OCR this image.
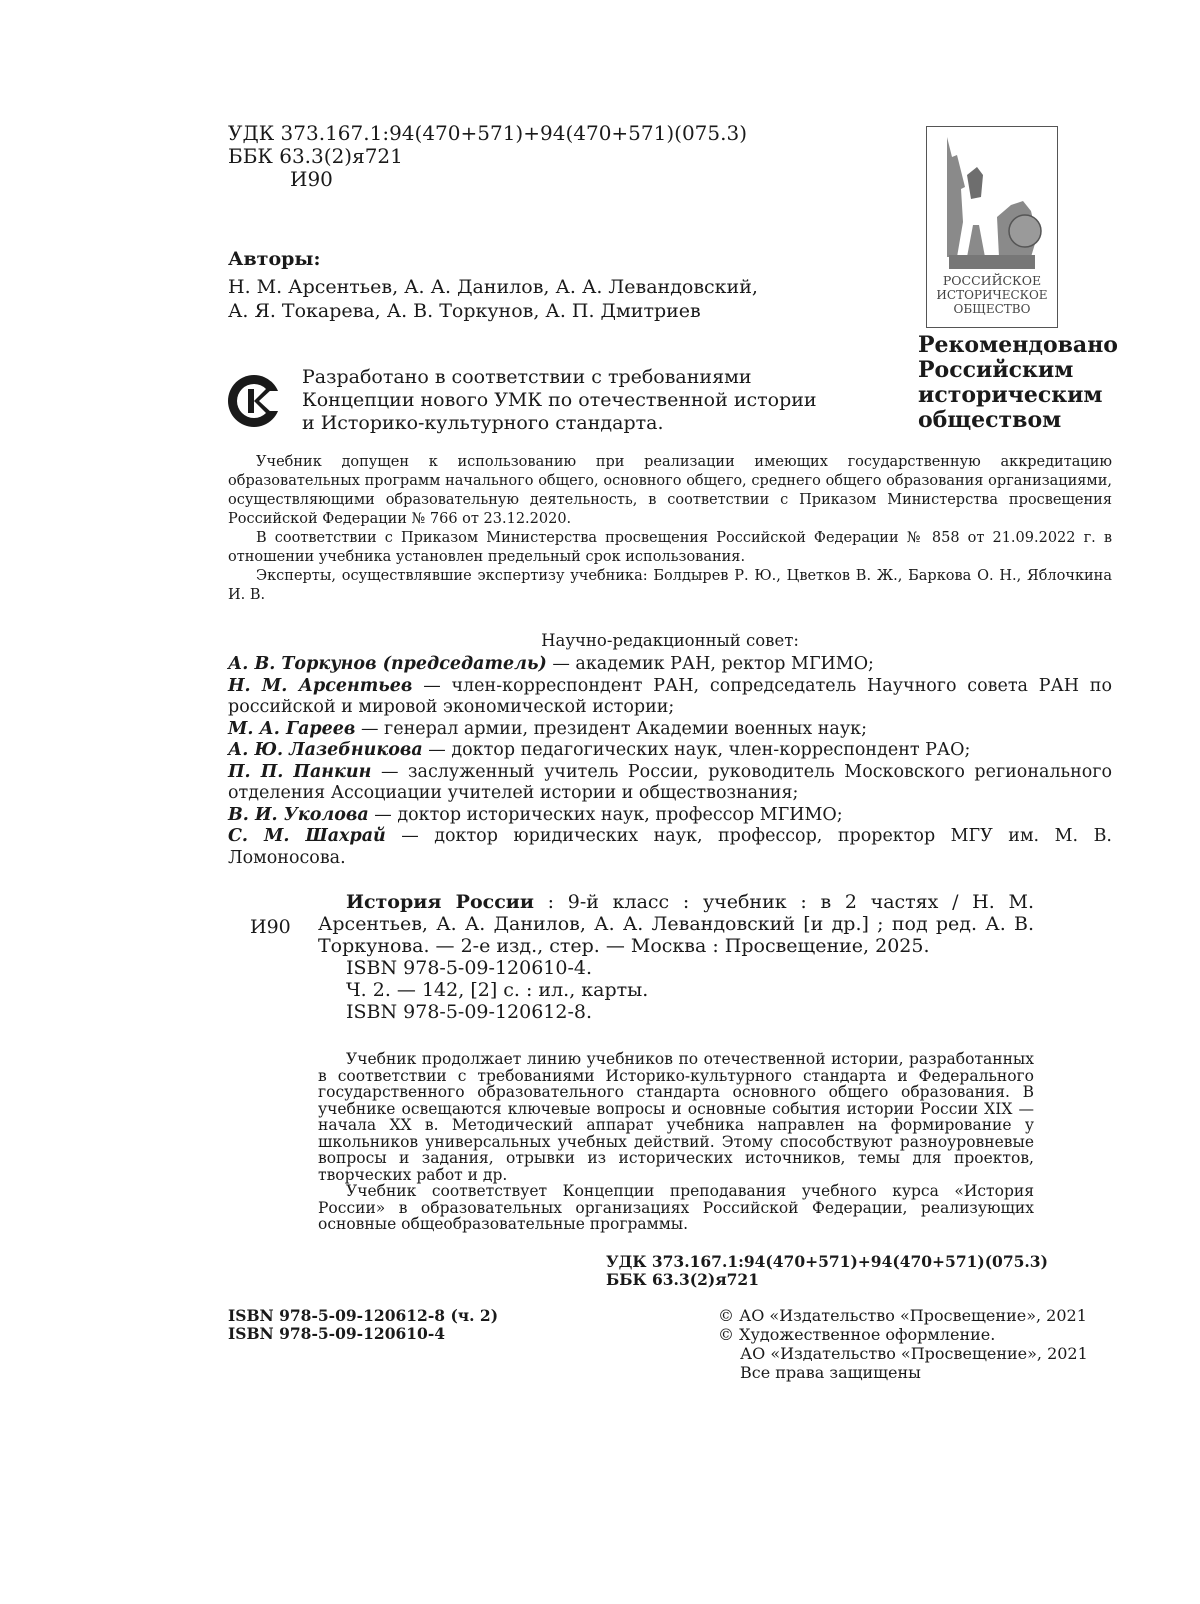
УДК 373.167.1:94(470+571)+94(470+571)(075.3)
ББК 63.3(2)я721
И90
Авторы:
Н. М. Арсентьев, А. А. Данилов, А. А. Левандовский,
А. Я. Токарева, А. В. Торкунов, А. П. Дмитриев
РОССИЙСКОЕ
ИСТОРИЧЕСКОЕ
ОБЩЕСТВО
Рекомендовано
Российским
историческим
обществом
Разработано в соответствии с требованиями
Концепции нового УМК по отечественной истории
и Историко-культурного стандарта.

Учебник допущен к использованию при реализации имеющих государственную аккредитацию образовательных программ начального общего, основного общего, среднего общего образования организациями, осуществляющими образовательную деятельность, в соответствии с Приказом Министерства просвещения Российской Федерации № 766 от 23.12.2020.

В соответствии с Приказом Министерства просвещения Российской Федерации № 858 от 21.09.2022 г. в отношении учебника установлен предельный срок использования.

Эксперты, осуществлявшие экспертизу учебника: Болдырев Р. Ю., Цветков В. Ж., Баркова О. Н., Яблочкина И. В.

Научно-редакционный совет:

А. В. Торкунов (председатель) — академик РАН, ректор МГИМО;

Н. М. Арсентьев — член-корреспондент РАН, сопредседатель Научного совета РАН по российской и мировой экономической истории;

М. А. Гареев — генерал армии, президент Академии военных наук;

А. Ю. Лазебникова — доктор педагогических наук, член-корреспондент РАО;

П. П. Панкин — заслуженный учитель России, руководитель Московского регионального отделения Ассоциации учителей истории и обществознания;

В. И. Уколова — доктор исторических наук, профессор МГИМО;

С. М. Шахрай — доктор юридических наук, профессор, проректор МГУ им. М. В. Ломоносова.

И90

История России : 9-й класс : учебник : в 2 частях / Н. М. Арсентьев, А. А. Данилов, А. А. Левандовский [и др.] ; под ред. А. В. Торкунова. — 2-е изд., стер. — Москва : Просвещение, 2025.

ISBN 978-5-09-120610-4.

Ч. 2. — 142, [2] с. : ил., карты.

ISBN 978-5-09-120612-8.

Учебник продолжает линию учебников по отечественной истории, разработанных в соответствии с требованиями Историко-культурного стандарта и Федерального государственного образовательного стандарта основного общего образования. В учебнике освещаются ключевые вопросы и основные события истории России XIX — начала XX в. Методический аппарат учебника направлен на формирование у школьников универсальных учебных действий. Этому способствуют разноуровневые вопросы и задания, отрывки из исторических источников, темы для проектов, творческих работ и др.

Учебник соответствует Концепции преподавания учебного курса «История России» в образовательных организациях Российской Федерации, реализующих основные общеобразовательные программы.

УДК 373.167.1:94(470+571)+94(470+571)(075.3)
ББК 63.3(2)я721
ISBN 978-5-09-120612-8 (ч. 2)
ISBN 978-5-09-120610-4
© АО «Издательство «Просвещение», 2021
© Художественное оформление.
АО «Издательство «Просвещение», 2021
Все права защищены
